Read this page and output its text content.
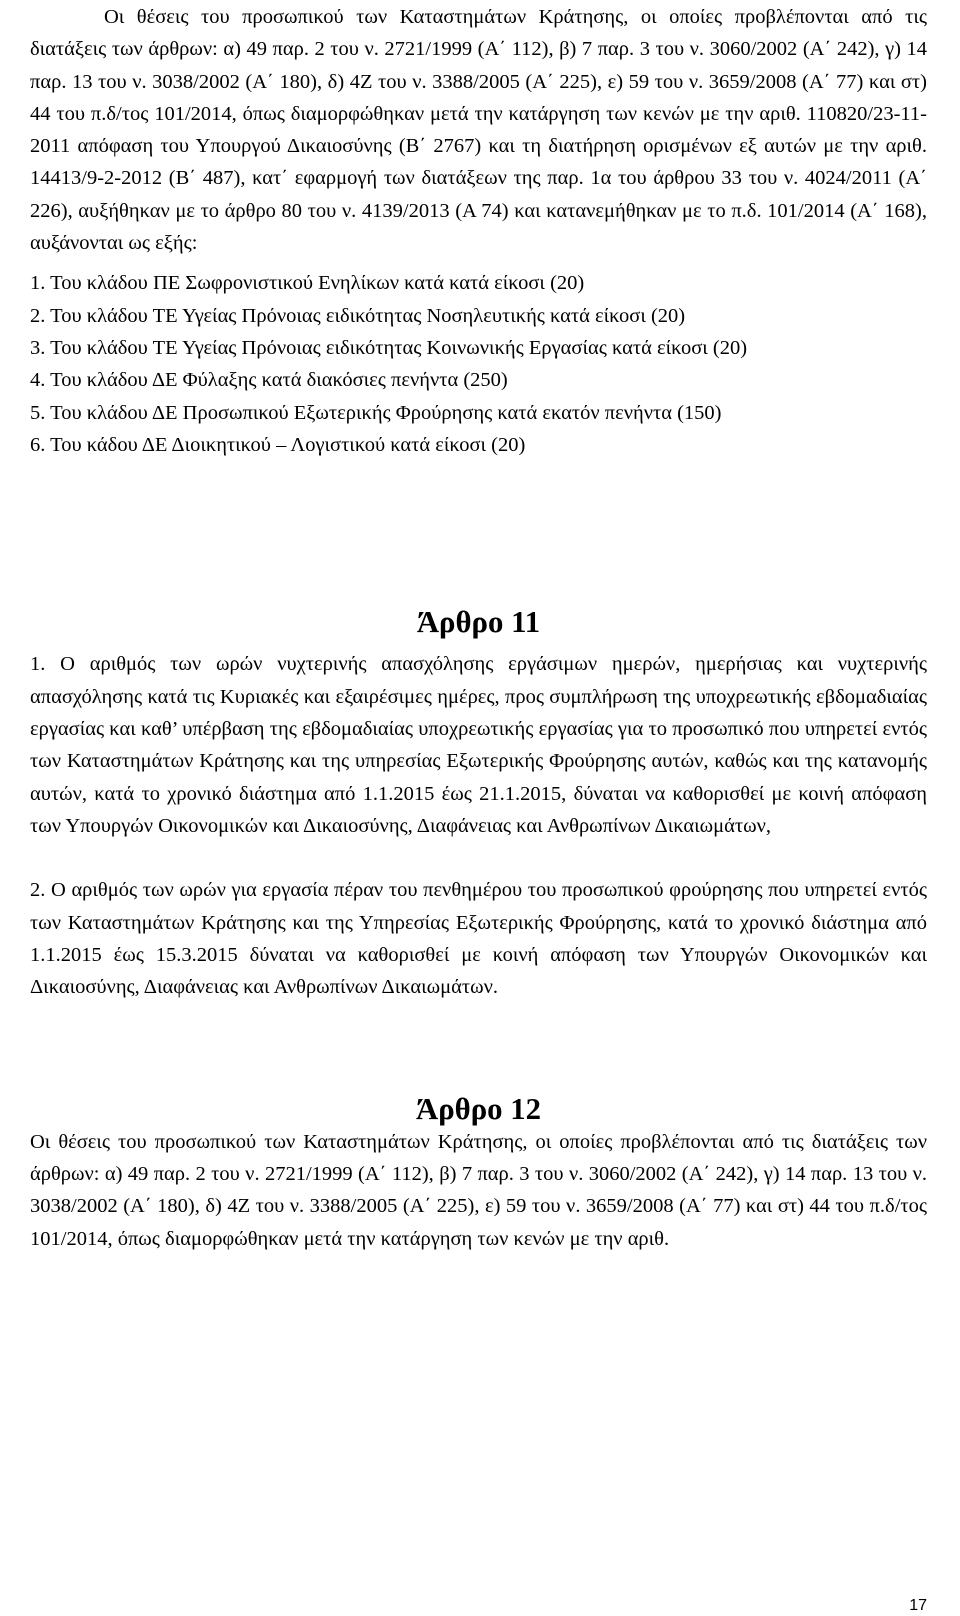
Οι θέσεις του προσωπικού των Καταστημάτων Κράτησης, οι οποίες προβλέπονται από τις διατάξεις των άρθρων: α) 49 παρ. 2 του ν. 2721/1999 (Α΄ 112), β) 7 παρ. 3 του ν. 3060/2002 (Α΄ 242), γ) 14 παρ. 13 του ν. 3038/2002 (Α΄ 180), δ) 4Ζ του ν. 3388/2005 (Α΄ 225), ε) 59 του ν. 3659/2008 (Α΄ 77) και στ) 44 του π.δ/τος 101/2014, όπως διαμορφώθηκαν μετά την κατάργηση των κενών με την αριθ. 110820/23-11-2011 απόφαση του Υπουργού Δικαιοσύνης (Β΄ 2767) και τη διατήρηση ορισμένων εξ αυτών με την αριθ. 14413/9-2-2012 (Β΄ 487), κατ΄ εφαρμογή των διατάξεων της παρ. 1α του άρθρου 33 του ν. 4024/2011 (Α΄ 226), αυξήθηκαν με το άρθρο 80 του ν. 4139/2013 (Α 74) και κατανεμήθηκαν με το π.δ. 101/2014 (Α΄ 168), αυξάνονται ως εξής:

1. Του κλάδου ΠΕ Σωφρονιστικού Ενηλίκων κατά κατά είκοσι (20)
2. Του κλάδου ΤΕ Υγείας Πρόνοιας ειδικότητας Νοσηλευτικής κατά είκοσι (20)
3. Του κλάδου ΤΕ Υγείας Πρόνοιας ειδικότητας Κοινωνικής Εργασίας κατά είκοσι (20)
4. Του κλάδου ΔΕ Φύλαξης κατά διακόσιες πενήντα (250)
5. Του κλάδου ΔΕ Προσωπικού Εξωτερικής Φρούρησης κατά εκατόν πενήντα (150)
6. Του κάδου ΔΕ Διοικητικού – Λογιστικού κατά είκοσι (20)
Άρθρο 11

1. Ο αριθμός των ωρών νυχτερινής απασχόλησης εργάσιμων ημερών, ημερήσιας και νυχτερινής απασχόλησης κατά τις Κυριακές και εξαιρέσιμες ημέρες, προς συμπλήρωση της υποχρεωτικής εβδομαδιαίας εργασίας και καθ’ υπέρβαση της εβδομαδιαίας υποχρεωτικής εργασίας για το προσωπικό που υπηρετεί εντός των Καταστημάτων Κράτησης και της υπηρεσίας Εξωτερικής Φρούρησης αυτών, καθώς και της κατανομής αυτών, κατά το χρονικό διάστημα από 1.1.2015 έως 21.1.2015, δύναται να καθορισθεί με κοινή απόφαση των Υπουργών Οικονομικών και Δικαιοσύνης, Διαφάνειας και Ανθρωπίνων Δικαιωμάτων,

2. Ο αριθμός των ωρών για εργασία πέραν του πενθημέρου του προσωπικού φρούρησης που υπηρετεί εντός των Καταστημάτων Κράτησης και της Υπηρεσίας Εξωτερικής Φρούρησης, κατά το χρονικό διάστημα από 1.1.2015 έως 15.3.2015 δύναται να καθορισθεί με κοινή απόφαση των Υπουργών Οικονομικών και Δικαιοσύνης, Διαφάνειας και Ανθρωπίνων Δικαιωμάτων.

Άρθρο 12

Οι θέσεις του προσωπικού των Καταστημάτων Κράτησης, οι οποίες προβλέπονται από τις διατάξεις των άρθρων: α) 49 παρ. 2 του ν. 2721/1999 (Α΄ 112), β) 7 παρ. 3 του ν. 3060/2002 (Α΄ 242), γ) 14 παρ. 13 του ν. 3038/2002 (Α΄ 180), δ) 4Ζ του ν. 3388/2005 (Α΄ 225), ε) 59 του ν. 3659/2008 (Α΄ 77) και στ) 44 του π.δ/τος 101/2014, όπως διαμορφώθηκαν μετά την κατάργηση των κενών με την αριθ.

17
